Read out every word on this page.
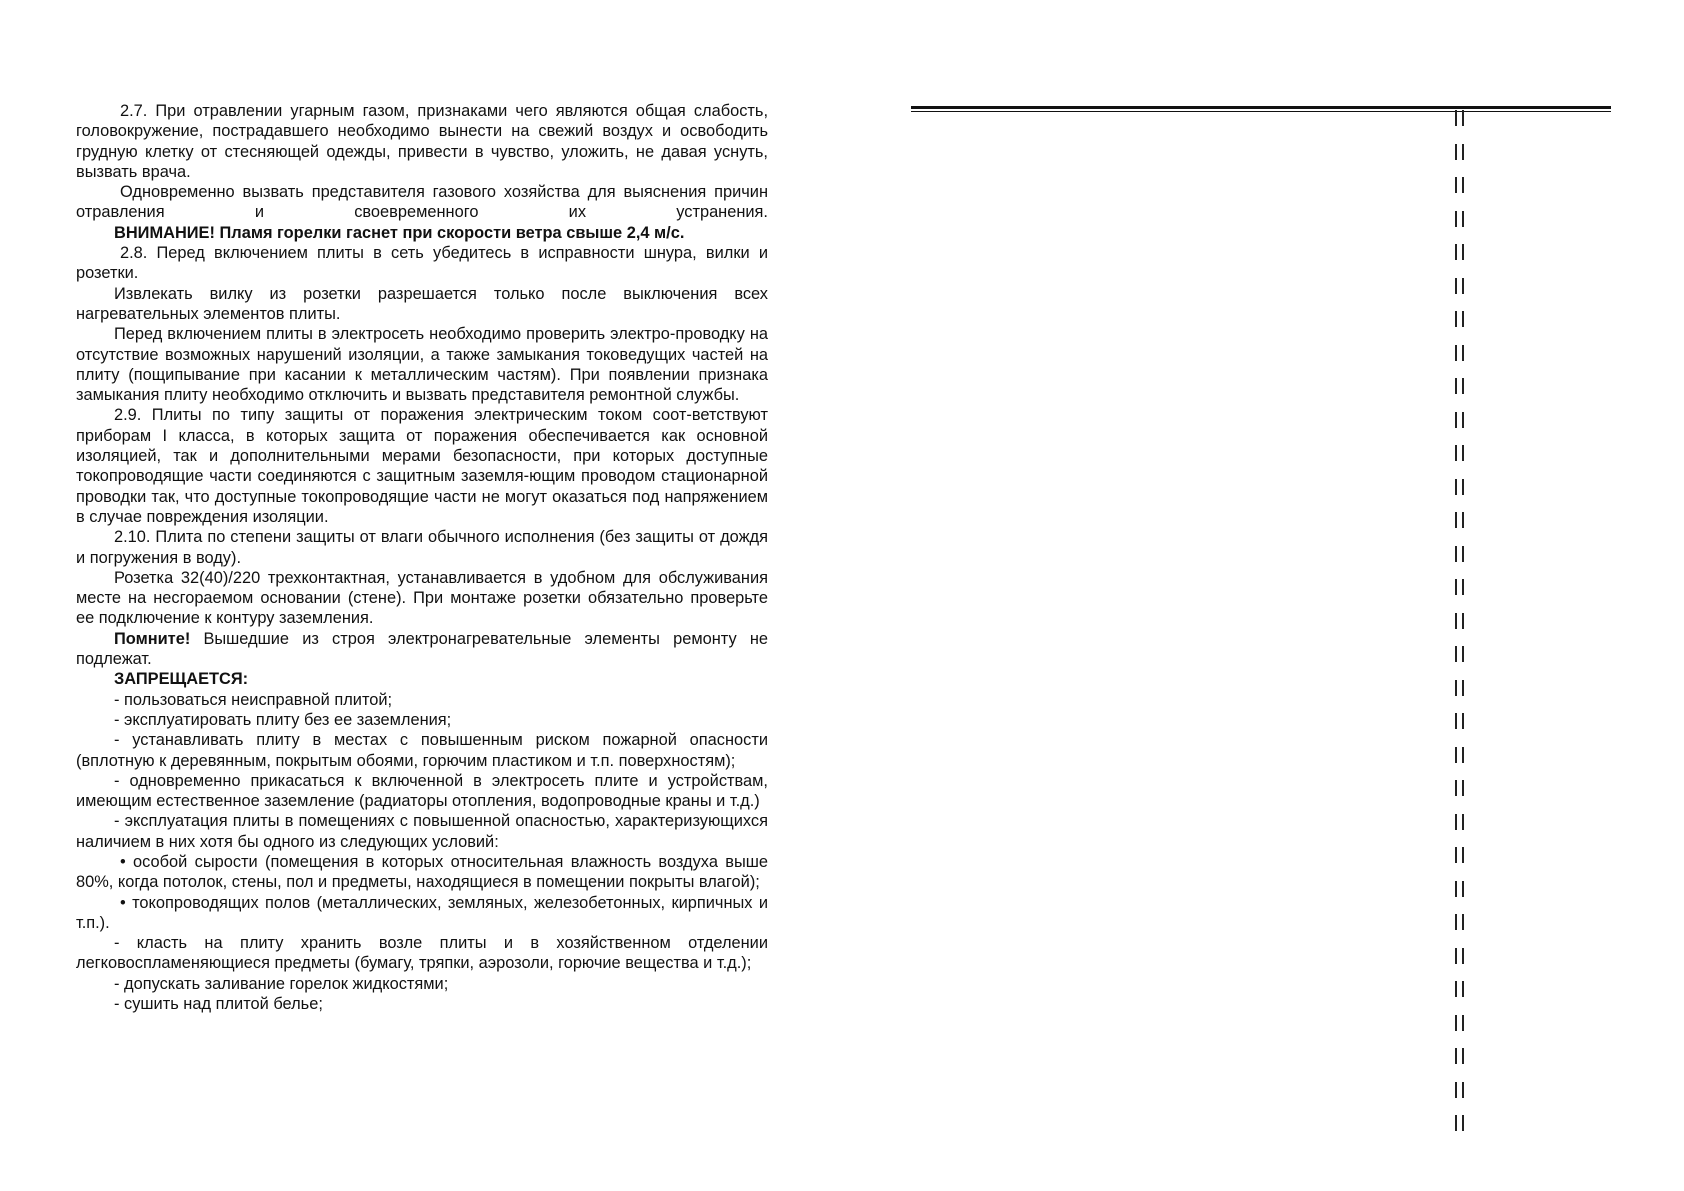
2.7. При отравлении угарным газом, признаками чего являются общая слабость, головокружение, пострадавшего необходимо вынести на свежий воздух и освободить грудную клетку от стесняющей одежды, привести в чувство, уложить, не давая уснуть, вызвать врача.

Одновременно вызвать представителя газового хозяйства для выяснения причин отравления и своевременного их устранения.

ВНИМАНИЕ! Пламя горелки гаснет при скорости ветра свыше 2,4 м/с.

2.8. Перед включением плиты в сеть убедитесь в исправности шнура, вилки и розетки.

Извлекать вилку из розетки разрешается только после выключения всех нагревательных элементов плиты.

Перед включением плиты в электросеть необходимо проверить электро-проводку на отсутствие возможных нарушений изоляции, а также замыкания токоведущих частей на плиту (пощипывание при касании к металлическим частям). При появлении признака замыкания плиту необходимо отключить и вызвать представителя ремонтной службы.

2.9. Плиты по типу защиты от поражения электрическим током соот-ветствуют приборам I класса, в которых защита от поражения обеспечивается как основной изоляцией, так и дополнительными мерами безопасности, при которых доступные токопроводящие части соединяются с защитным заземля-ющим проводом стационарной проводки так, что доступные токопроводящие части не могут оказаться под напряжением в случае повреждения изоляции.

2.10. Плита по степени защиты от влаги обычного исполнения (без защиты от дождя и погружения в воду).

Розетка 32(40)/220 трехконтактная, устанавливается в удобном для обслуживания месте на несгораемом основании (стене). При монтаже розетки обязательно проверьте ее подключение к контуру заземления.

Помните! Вышедшие из строя электронагревательные элементы ремонту не подлежат.

ЗАПРЕЩАЕТСЯ:

- пользоваться неисправной плитой;

- эксплуатировать плиту без ее заземления;

- устанавливать плиту в местах с повышенным риском пожарной опасности (вплотную к деревянным, покрытым обоями, горючим пластиком и т.п. поверхностям);

- одновременно прикасаться к включенной в электросеть плите и устройствам, имеющим естественное заземление (радиаторы отопления, водопроводные краны и т.д.)

- эксплуатация плиты в помещениях с повышенной опасностью, характеризующихся наличием в них хотя бы одного из следующих условий:

• особой сырости (помещения в которых относительная влажность воздуха выше 80%, когда потолок, стены, пол и предметы, находящиеся в помещении покрыты влагой);

• токопроводящих полов (металлических, земляных, железобетонных, кирпичных и т.п.).

- класть на плиту хранить возле плиты и в хозяйственном отделении легковоспламеняющиеся предметы (бумагу, тряпки, аэрозоли, горючие вещества и т.д.);

- допускать заливание горелок жидкостями;

- сушить над плитой белье;
